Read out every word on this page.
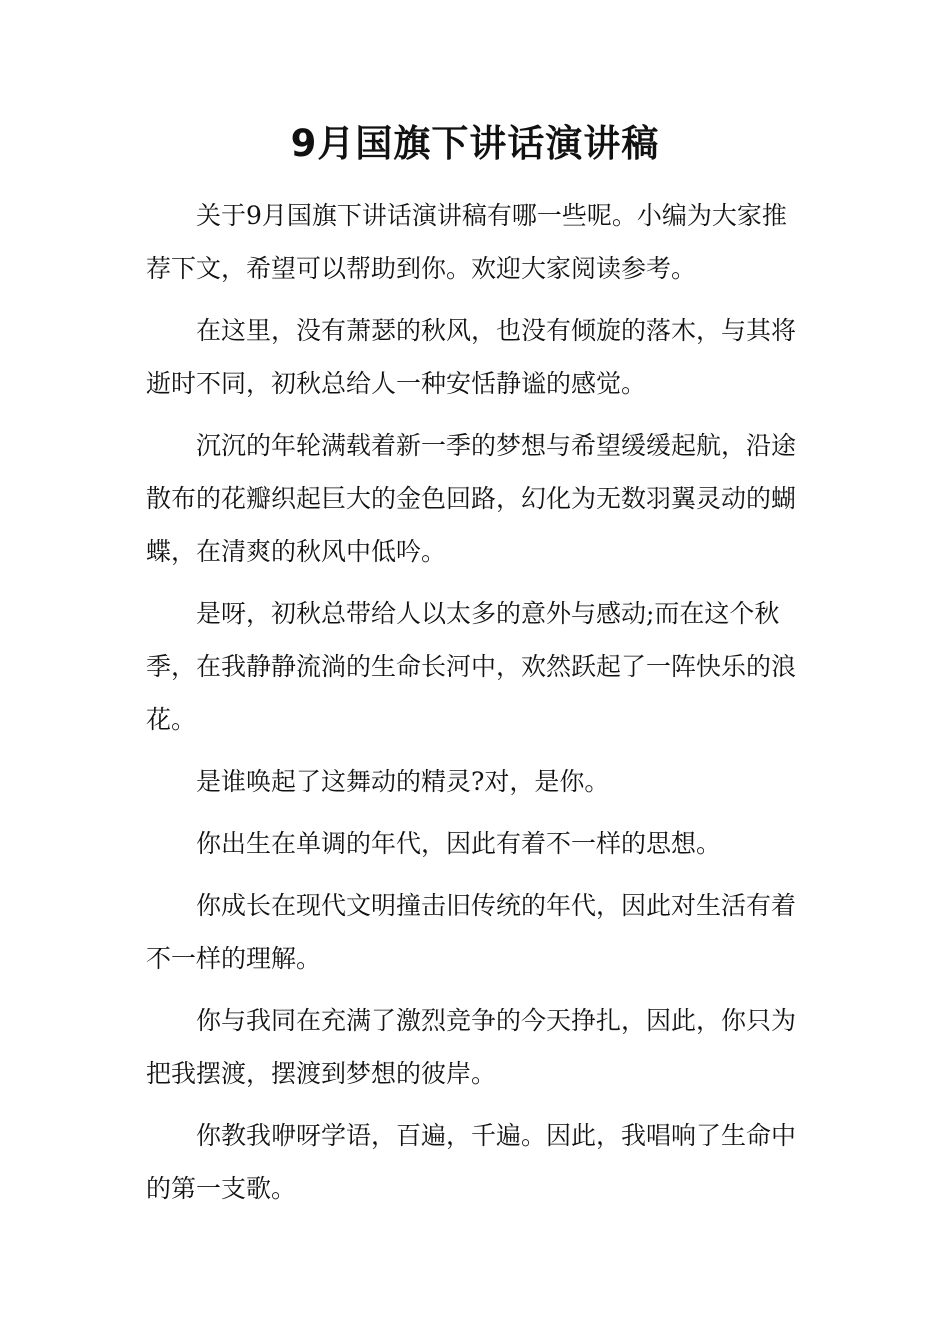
9月国旗下讲话演讲稿

关于9月国旗下讲话演讲稿有哪一些呢。小编为大家推荐下文，希望可以帮助到你。欢迎大家阅读参考。

在这里，没有萧瑟的秋风，也没有倾旋的落木，与其将逝时不同，初秋总给人一种安恬静谧的感觉。

沉沉的年轮满载着新一季的梦想与希望缓缓起航，沿途散布的花瓣织起巨大的金色回路，幻化为无数羽翼灵动的蝴蝶，在清爽的秋风中低吟。

是呀，初秋总带给人以太多的意外与感动;而在这个秋季，在我静静流淌的生命长河中，欢然跃起了一阵快乐的浪花。

是谁唤起了这舞动的精灵?对，是你。

你出生在单调的年代，因此有着不一样的思想。

你成长在现代文明撞击旧传统的年代，因此对生活有着不一样的理解。

你与我同在充满了激烈竞争的今天挣扎，因此，你只为把我摆渡，摆渡到梦想的彼岸。

你教我咿呀学语，百遍，千遍。因此，我唱响了生命中的第一支歌。
